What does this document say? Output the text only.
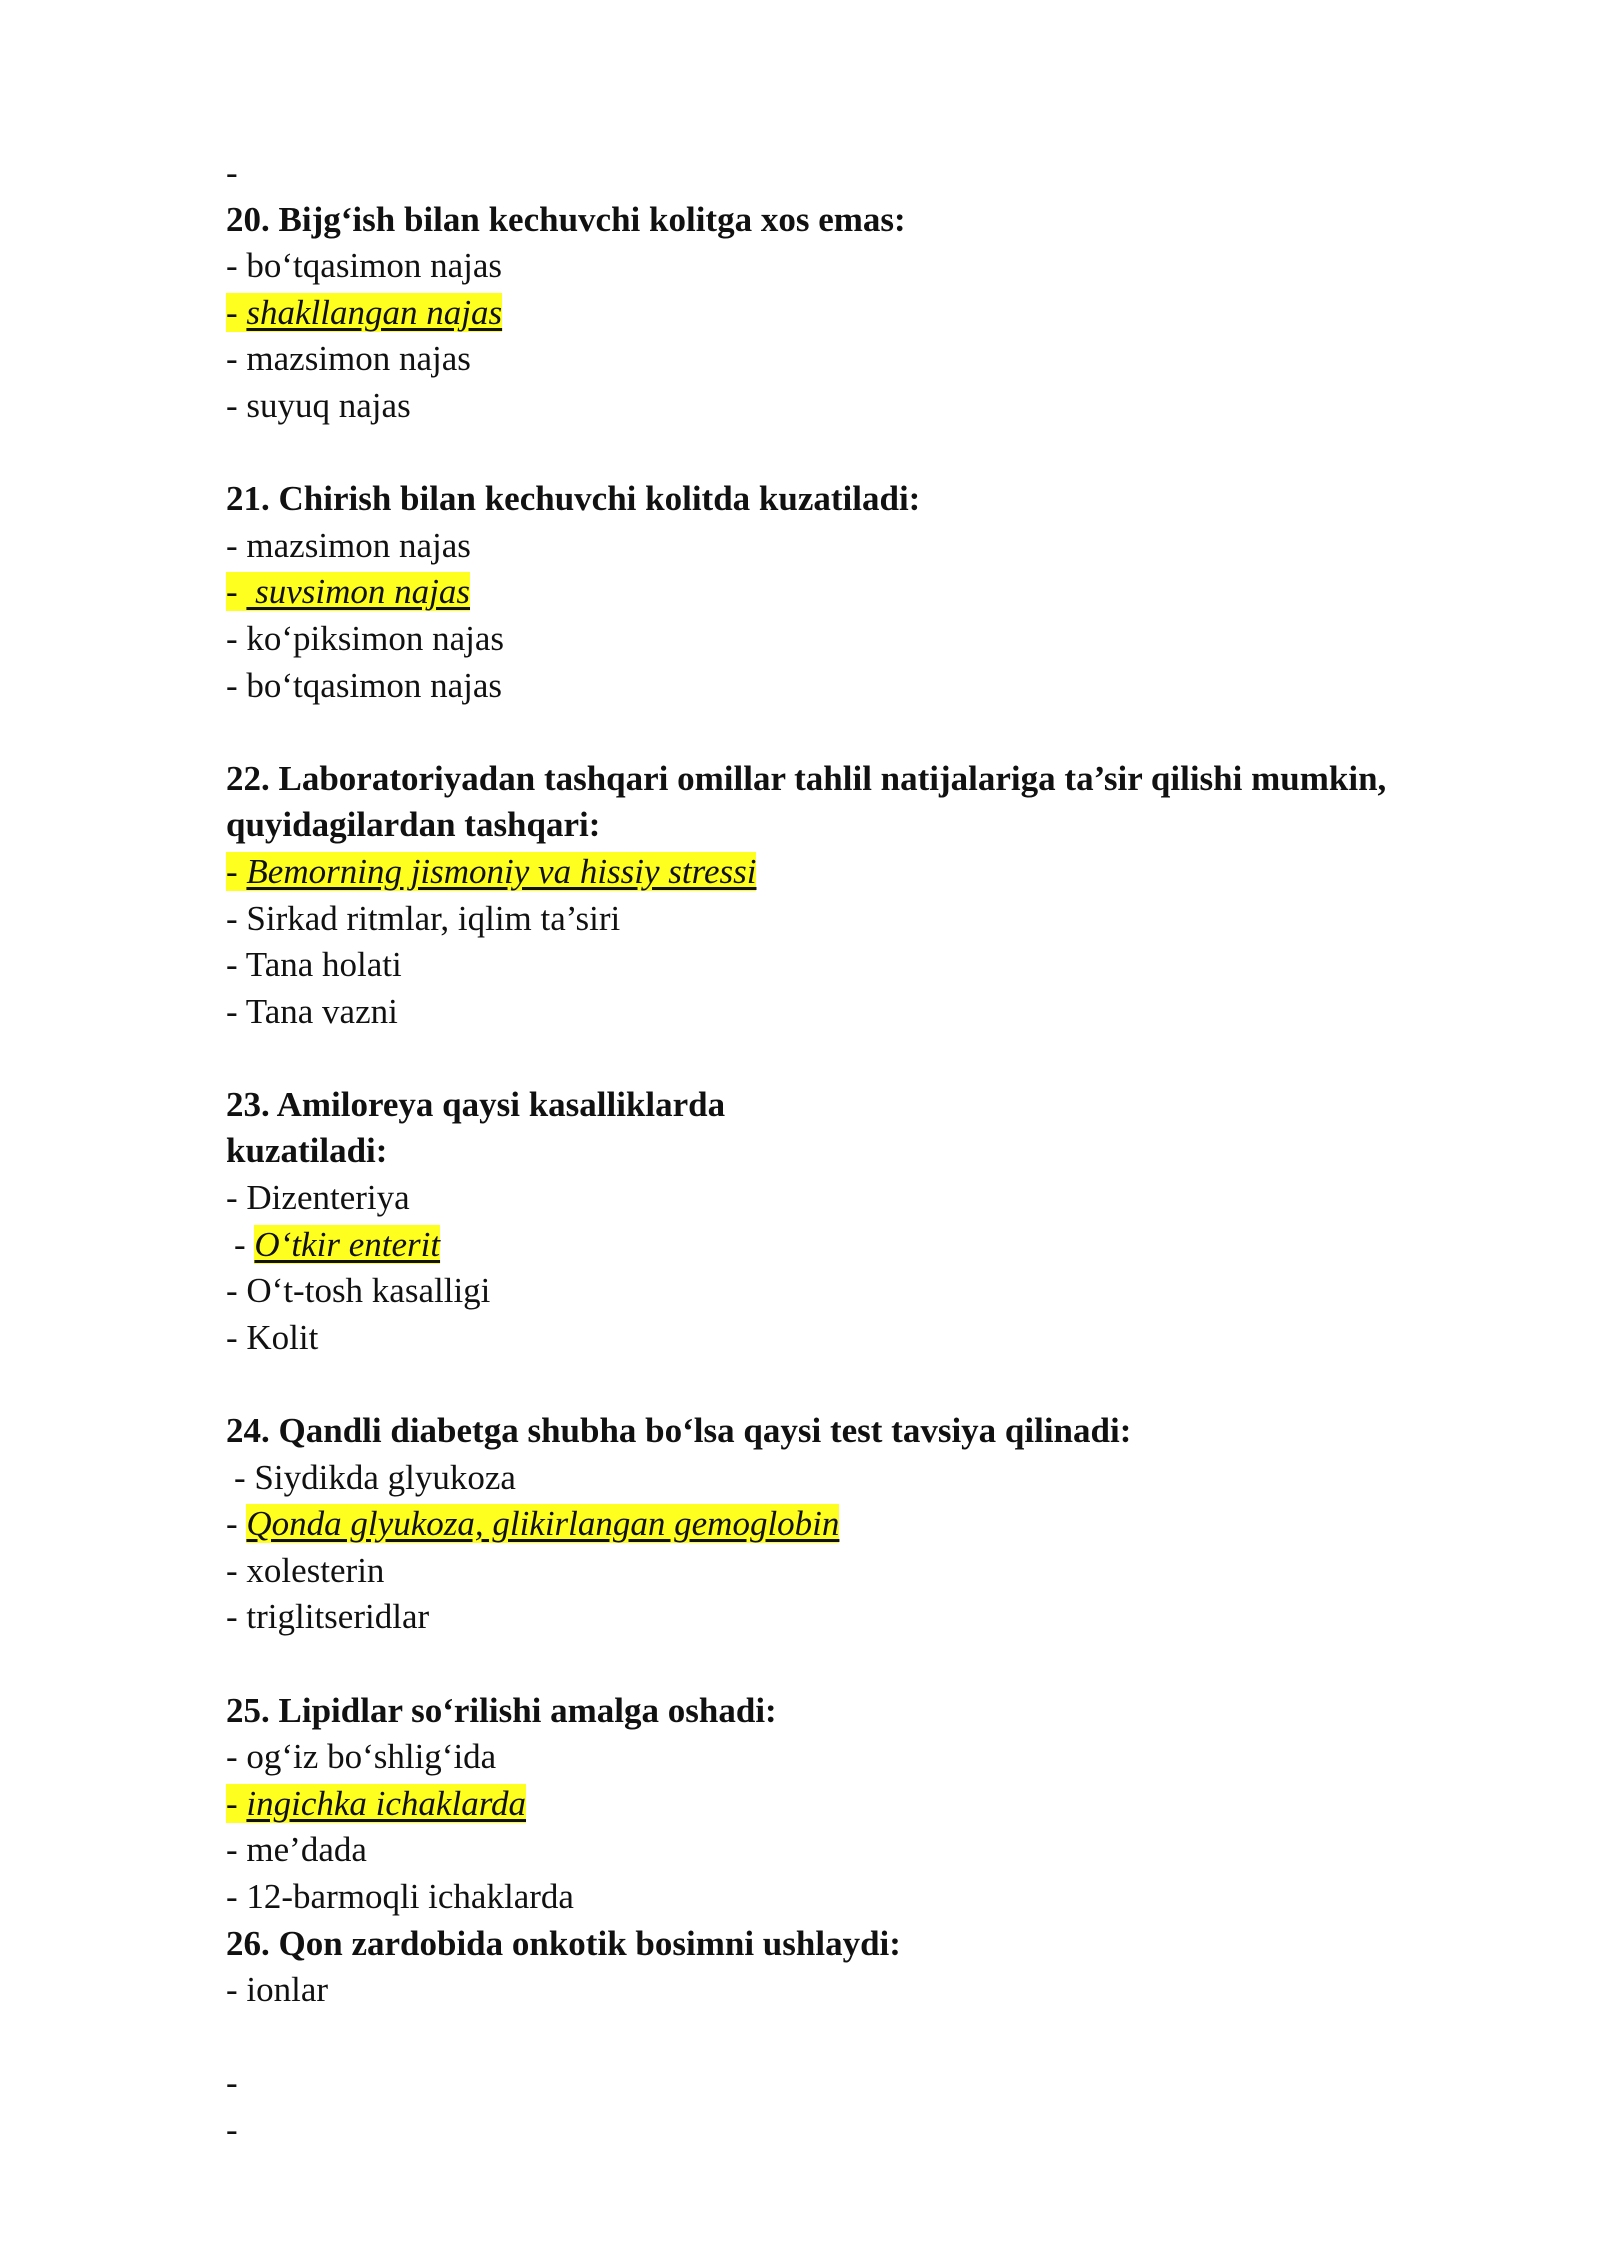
-
20. Bijg‘ish bilan kechuvchi kolitga xos emas:
- bo‘tqasimon najas
- shakllangan najas
- mazsimon najas
- suyuq najas
21. Chirish bilan kechuvchi kolitda kuzatiladi:
- mazsimon najas
-  suvsimon najas
- ko‘piksimon najas
- bo‘tqasimon najas
22. Laboratoriyadan tashqari omillar tahlil natijalariga ta’sir qilishi mumkin, quyidagilardan tashqari:
- Bemorning jismoniy va hissiy stressi
- Sirkad ritmlar, iqlim ta’siri
- Tana holati
- Tana vazni
23. Amiloreya qaysi kasalliklarda
kuzatiladi:
- Dizenteriya
- O‘tkir enterit
- O‘t-tosh kasalligi
- Kolit
24. Qandli diabetga shubha bo‘lsa qaysi test tavsiya qilinadi:
- Siydikda glyukoza
- Qonda glyukoza, glikirlangan gemoglobin
- xolesterin
- triglitseridlar
25. Lipidlar so‘rilishi amalga oshadi:
- og‘iz bo‘shlig‘ida
- ingichka ichaklarda
- me’dada
- 12-barmoqli ichaklarda
26. Qon zardobida onkotik bosimni ushlaydi:
- ionlar
-
-
